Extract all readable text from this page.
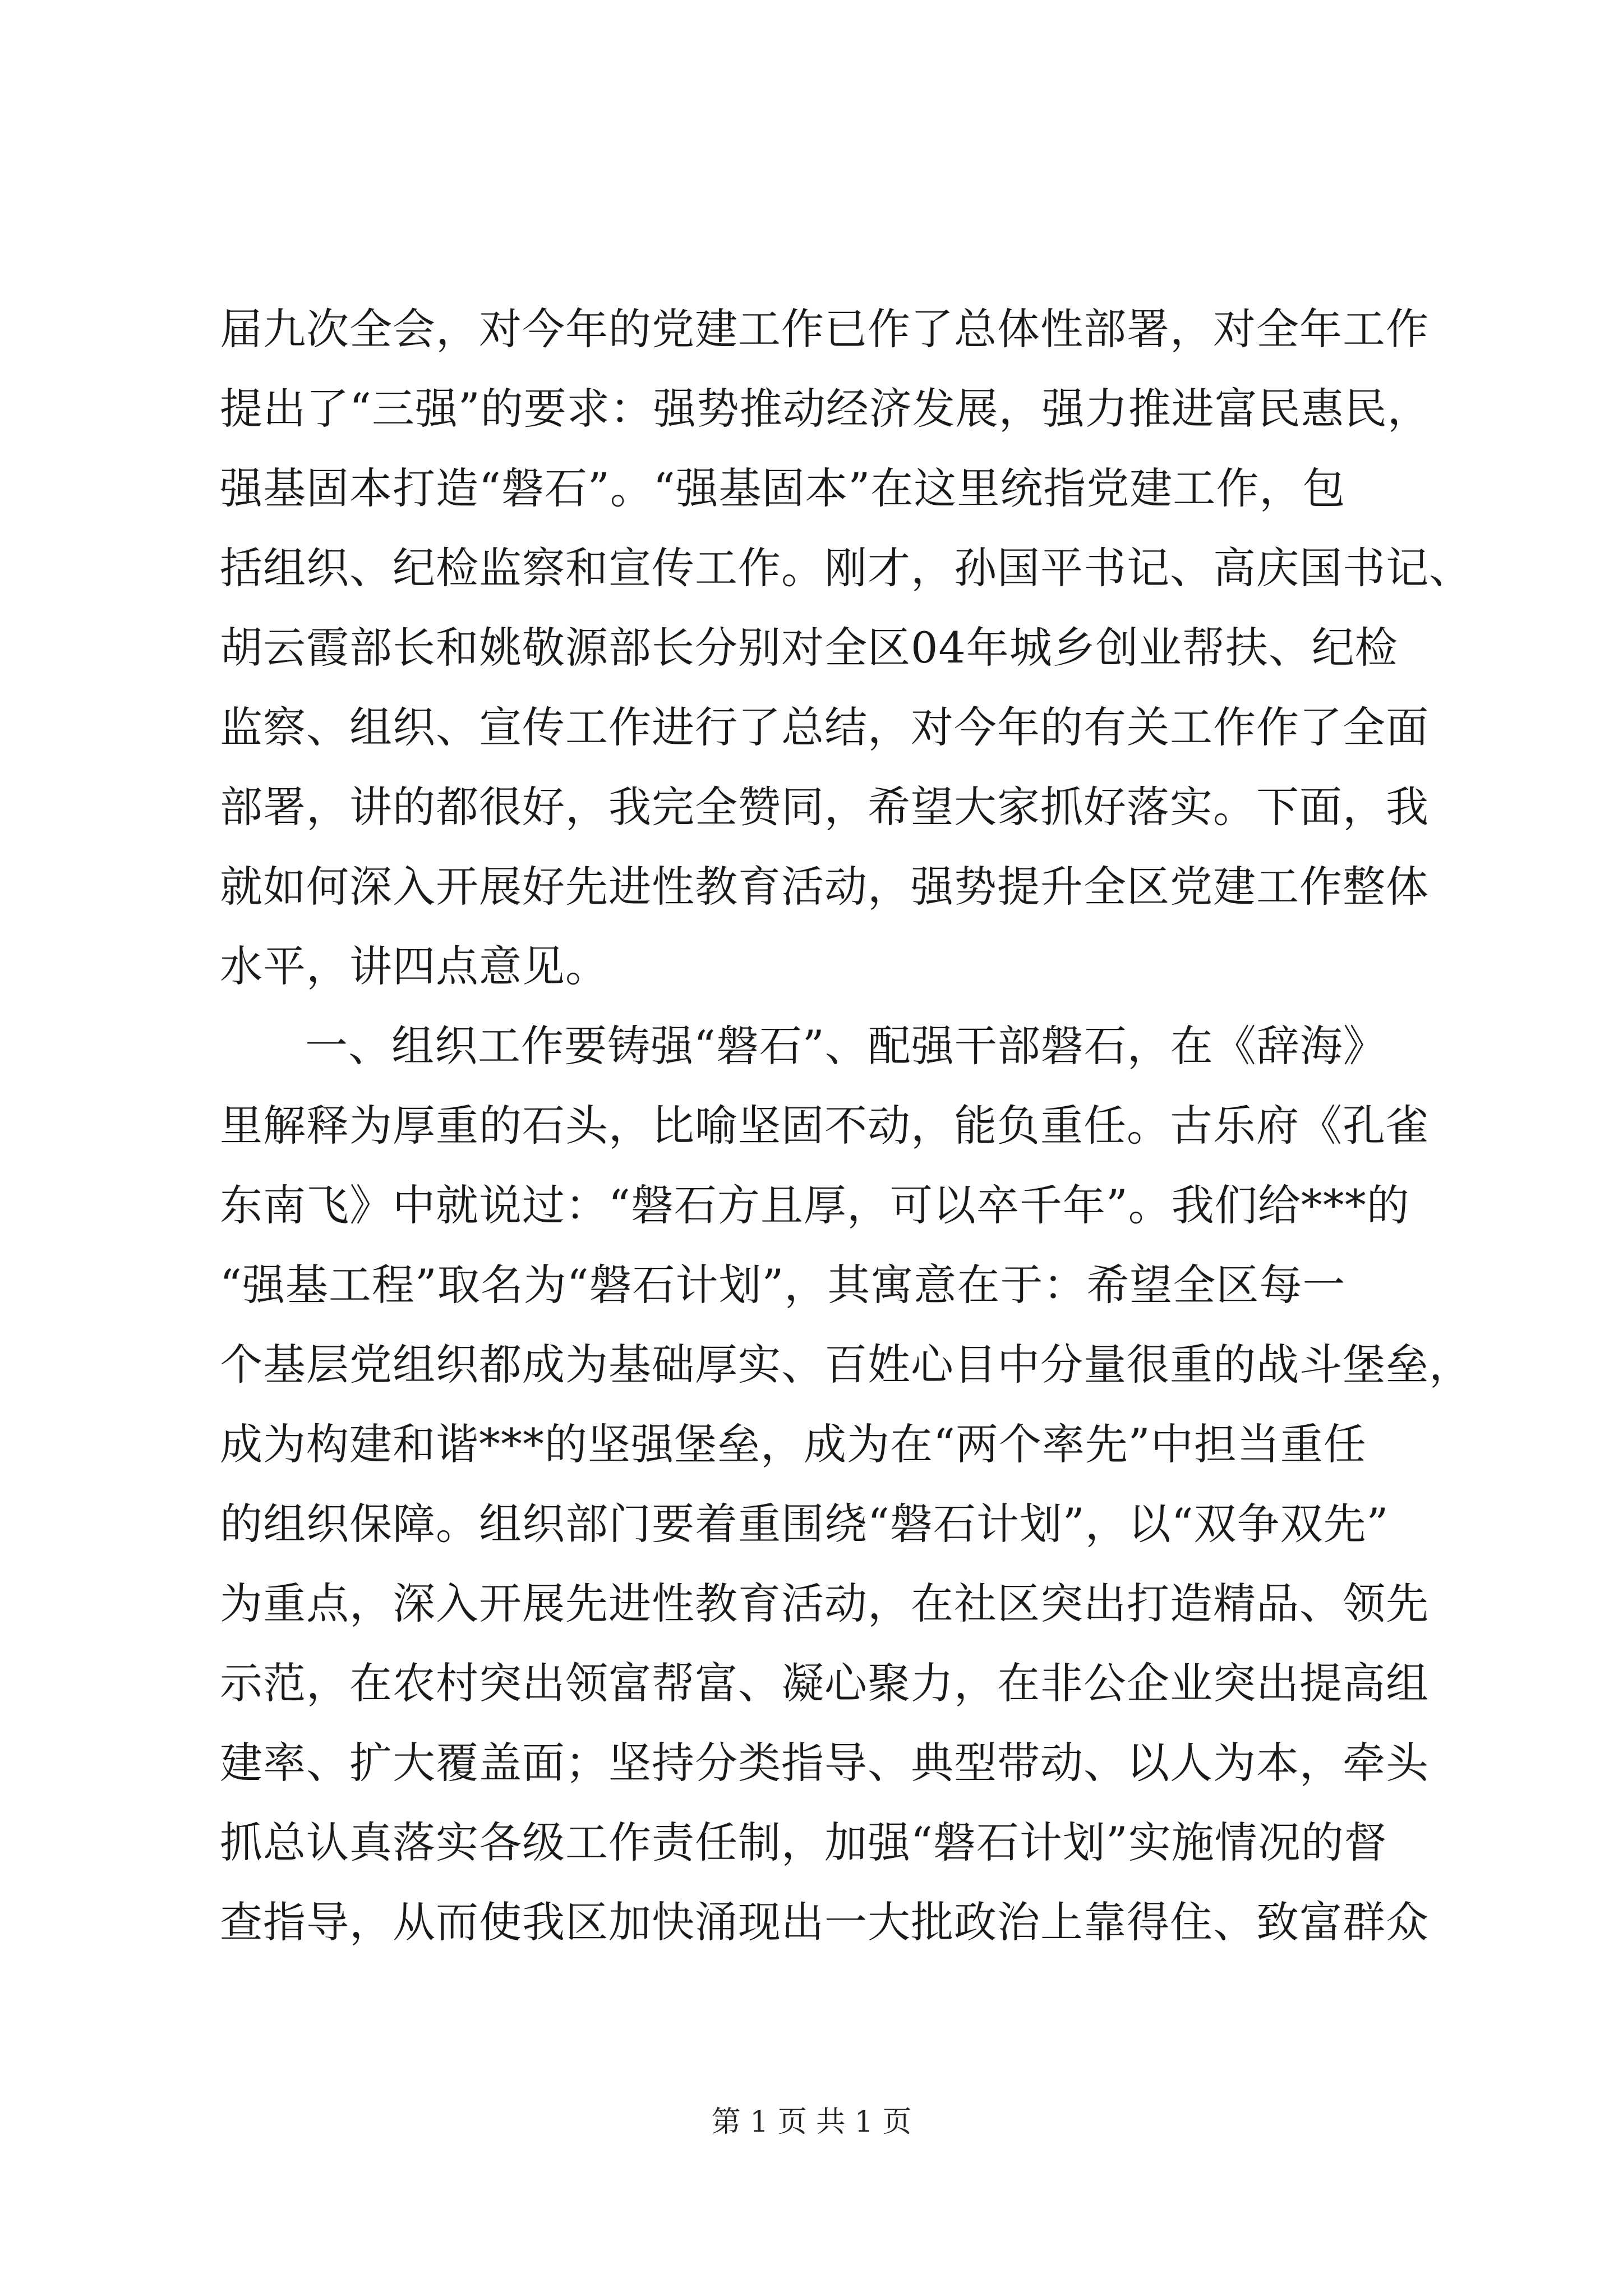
届九次全会，对今年的党建工作已作了总体性部署，对全年工作
提出了“三强”的要求：强势推动经济发展，强力推进富民惠民，
强基固本打造“磐石”。“强基固本”在这里统指党建工作，包
括组织、纪检监察和宣传工作。刚才，孙国平书记、高庆国书记、
胡云霞部长和姚敬源部长分别对全区04年城乡创业帮扶、纪检
监察、组织、宣传工作进行了总结，对今年的有关工作作了全面
部署，讲的都很好，我完全赞同，希望大家抓好落实。下面，我
就如何深入开展好先进性教育活动，强势提升全区党建工作整体
水平，讲四点意见。
一、组织工作要铸强“磐石”、配强干部磐石，在《辞海》
里解释为厚重的石头，比喻坚固不动，能负重任。古乐府《孔雀
东南飞》中就说过：“磐石方且厚，可以卒千年”。我们给***的
“强基工程”取名为“磐石计划”，其寓意在于：希望全区每一
个基层党组织都成为基础厚实、百姓心目中分量很重的战斗堡垒，
成为构建和谐***的坚强堡垒，成为在“两个率先”中担当重任
的组织保障。组织部门要着重围绕“磐石计划”，以“双争双先”
为重点，深入开展先进性教育活动，在社区突出打造精品、领先
示范，在农村突出领富帮富、凝心聚力，在非公企业突出提高组
建率、扩大覆盖面；坚持分类指导、典型带动、以人为本，牵头
抓总认真落实各级工作责任制，加强“磐石计划”实施情况的督
查指导，从而使我区加快涌现出一大批政治上靠得住、致富群众
第 1 页 共 1 页
